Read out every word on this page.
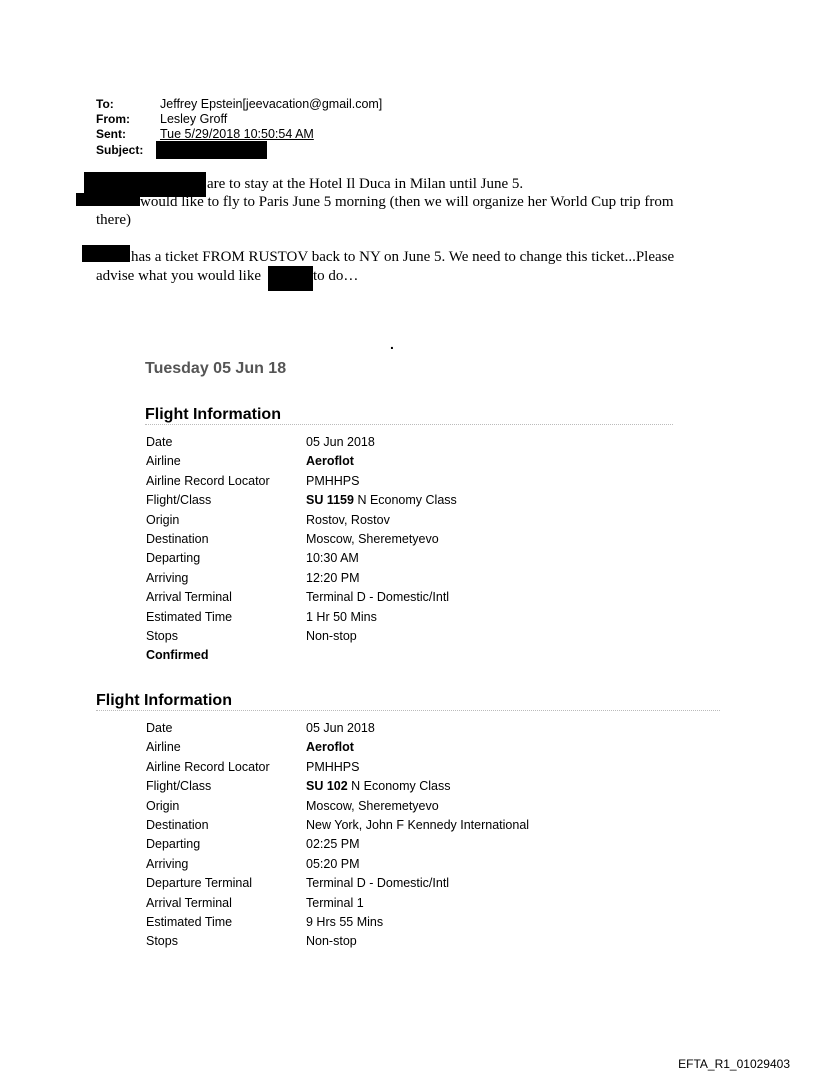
To:	Jeffrey Epstein[jeevacation@gmail.com]
From: Lesley Groff
Sent:	Tue 5/29/2018 10:50:54 AM
Subject:
are to stay at the Hotel Il Duca in Milan until June 5.
would like to fly to Paris June 5 morning (then we will organize her World Cup trip from
there)
has a ticket FROM RUSTOV back to NY on June 5. We need to change this ticket...Please
advise what you would like	to do…
.
Tuesday 05 Jun 18
Flight Information
Date	05 Jun 2018
Airline	Aeroflot
Airline Record Locator	PMHHPS
Flight/Class	SU 1159 N Economy Class
Origin	Rostov, Rostov
Destination	Moscow, Sheremetyevo
Departing	10:30 AM
Arriving	12:20 PM
Arrival Terminal	Terminal D - Domestic/Intl
Estimated Time	1 Hr 50 Mins
Stops	Non-stop
Confirmed
Flight Information
Date	05 Jun 2018
Airline	Aeroflot
Airline Record Locator	PMHHPS
Flight/Class	SU 102 N Economy Class
Origin	Moscow, Sheremetyevo
Destination	New York, John F Kennedy International
Departing	02:25 PM
Arriving	05:20 PM
Departure Terminal	Terminal D - Domestic/Intl
Arrival Terminal	Terminal 1
Estimated Time	9 Hrs 55 Mins
Stops	Non-stop
EFTA_R1_01029403
